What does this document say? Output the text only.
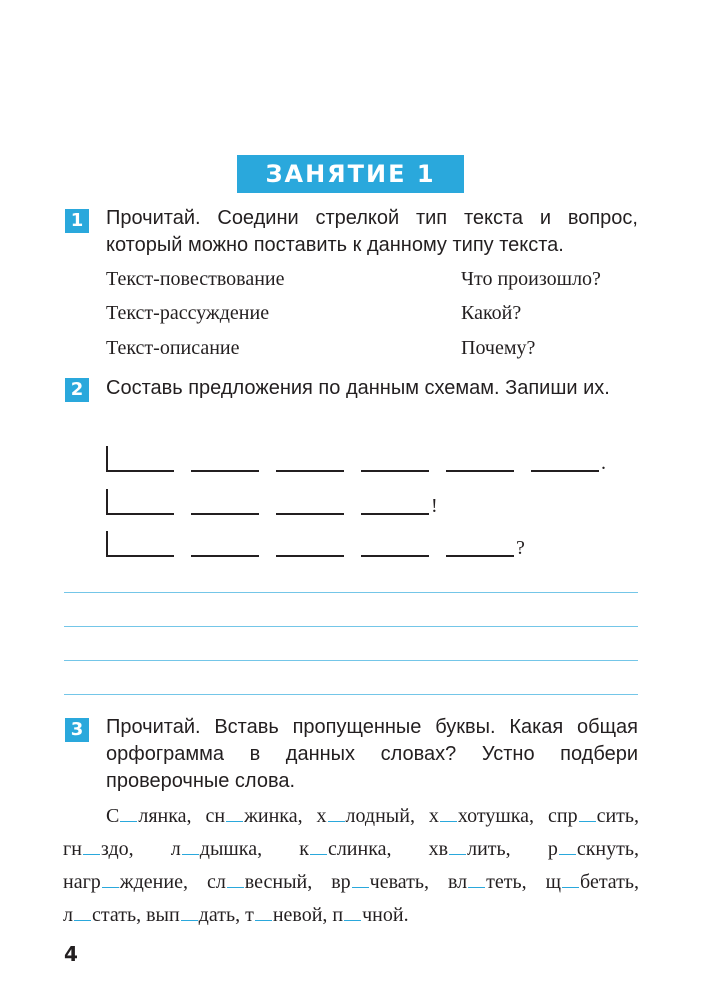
ЗАНЯТИЕ 1
1 Прочитай. Соедини стрелкой тип текста и вопрос, который можно поставить к данному типу текста.
Текст-повествование
Текст-рассуждение
Текст-описание
Что произошло?
Какой?
Почему?
2 Составь предложения по данным схемам. Запиши их.
.
!
?
3 Прочитай. Вставь пропущенные буквы. Какая общая орфограмма в данных словах? Устно подбери проверочные слова.

С лянка, сн жинка, х лодный, х хотушка, спр сить, гн здо, л дышка, к слинка, хв лить, р скнуть, нагр ждение, сл весный, вр чевать, вл теть, щ бетать, л стать, вып дать, т невой, п чной.

4
